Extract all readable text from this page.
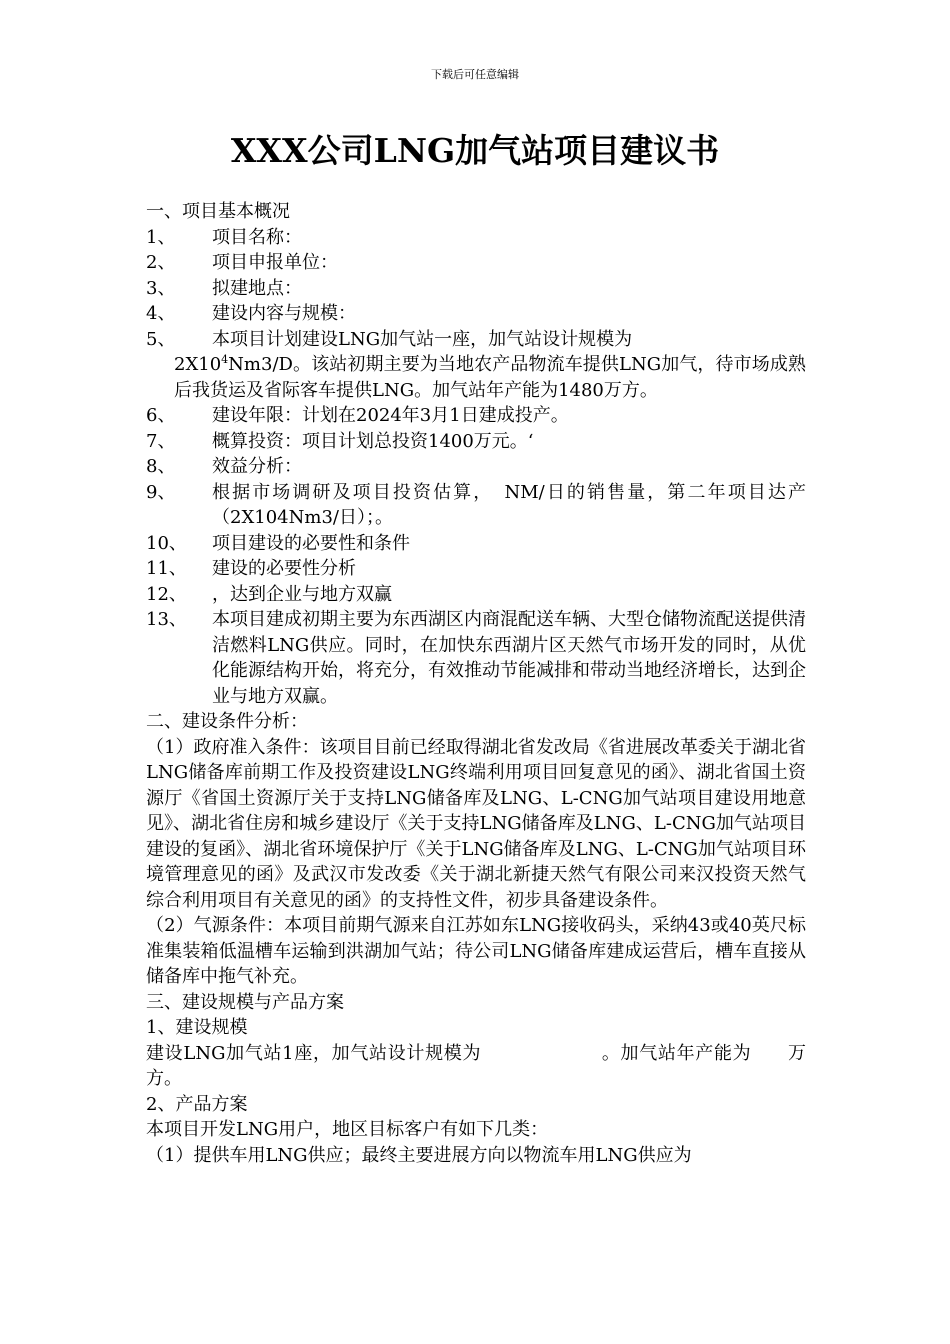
下载后可任意编辑
XXX公司LNG加气站项目建议书

一、项目基本概况

1、	项目名称：
2、	项目申报单位：
3、	拟建地点：
4、	建设内容与规模：
5、	本项目计划建设LNG加气站一座，加气站设计规模为

$2X10^4Nm3/D$。该站初期主要为当地农产品物流车提供LNG加气，待市场成熟后我货运及省际客车提供LNG。加气站年产能为1480万方。

6、	建设年限：计划在2024年3月1日建成投产。
7、	概算投资：项目计划总投资1400万元。‘
8、	效益分析：
9、	根据市场调研及项目投资估算，　NM/日的销售量，第二年项目达产（2X104Nm3/日）；。
10、	项目建设的必要性和条件
11、	建设的必要性分析
12、	，达到企业与地方双赢
13、	本项目建成初期主要为东西湖区内商混配送车辆、大型仓储物流配送提供清洁燃料LNG供应。同时，在加快东西湖片区天然气市场开发的同时，从优化能源结构开始，将充分，有效推动节能减排和带动当地经济增长，达到企业与地方双赢。

二、建设条件分析：

（1）政府准入条件：该项目目前已经取得湖北省发改局《省进展改革委关于湖北省LNG储备库前期工作及投资建设LNG终端利用项目回复意见的函》、湖北省国土资源厅《省国土资源厅关于支持LNG储备库及LNG、L-CNG加气站项目建设用地意见》、湖北省住房和城乡建设厅《关于支持LNG储备库及LNG、L-CNG加气站项目建设的复函》、湖北省环境保护厅《关于LNG储备库及LNG、L-CNG加气站项目环境管理意见的函》及武汉市发改委《关于湖北新捷天然气有限公司来汉投资天然气综合利用项目有关意见的函》的支持性文件，初步具备建设条件。

（2）气源条件：本项目前期气源来自江苏如东LNG接收码头，采纳43或40英尺标准集装箱低温槽车运输到洪湖加气站；待公司LNG储备库建成运营后，槽车直接从储备库中拖气补充。

三、建设规模与产品方案

1、建设规模

建设LNG加气站1座，加气站设计规模为	。加气站年产能为 万方。

2、产品方案

本项目开发LNG用户，地区目标客户有如下几类：

（1）提供车用LNG供应；最终主要进展方向以物流车用LNG供应为
